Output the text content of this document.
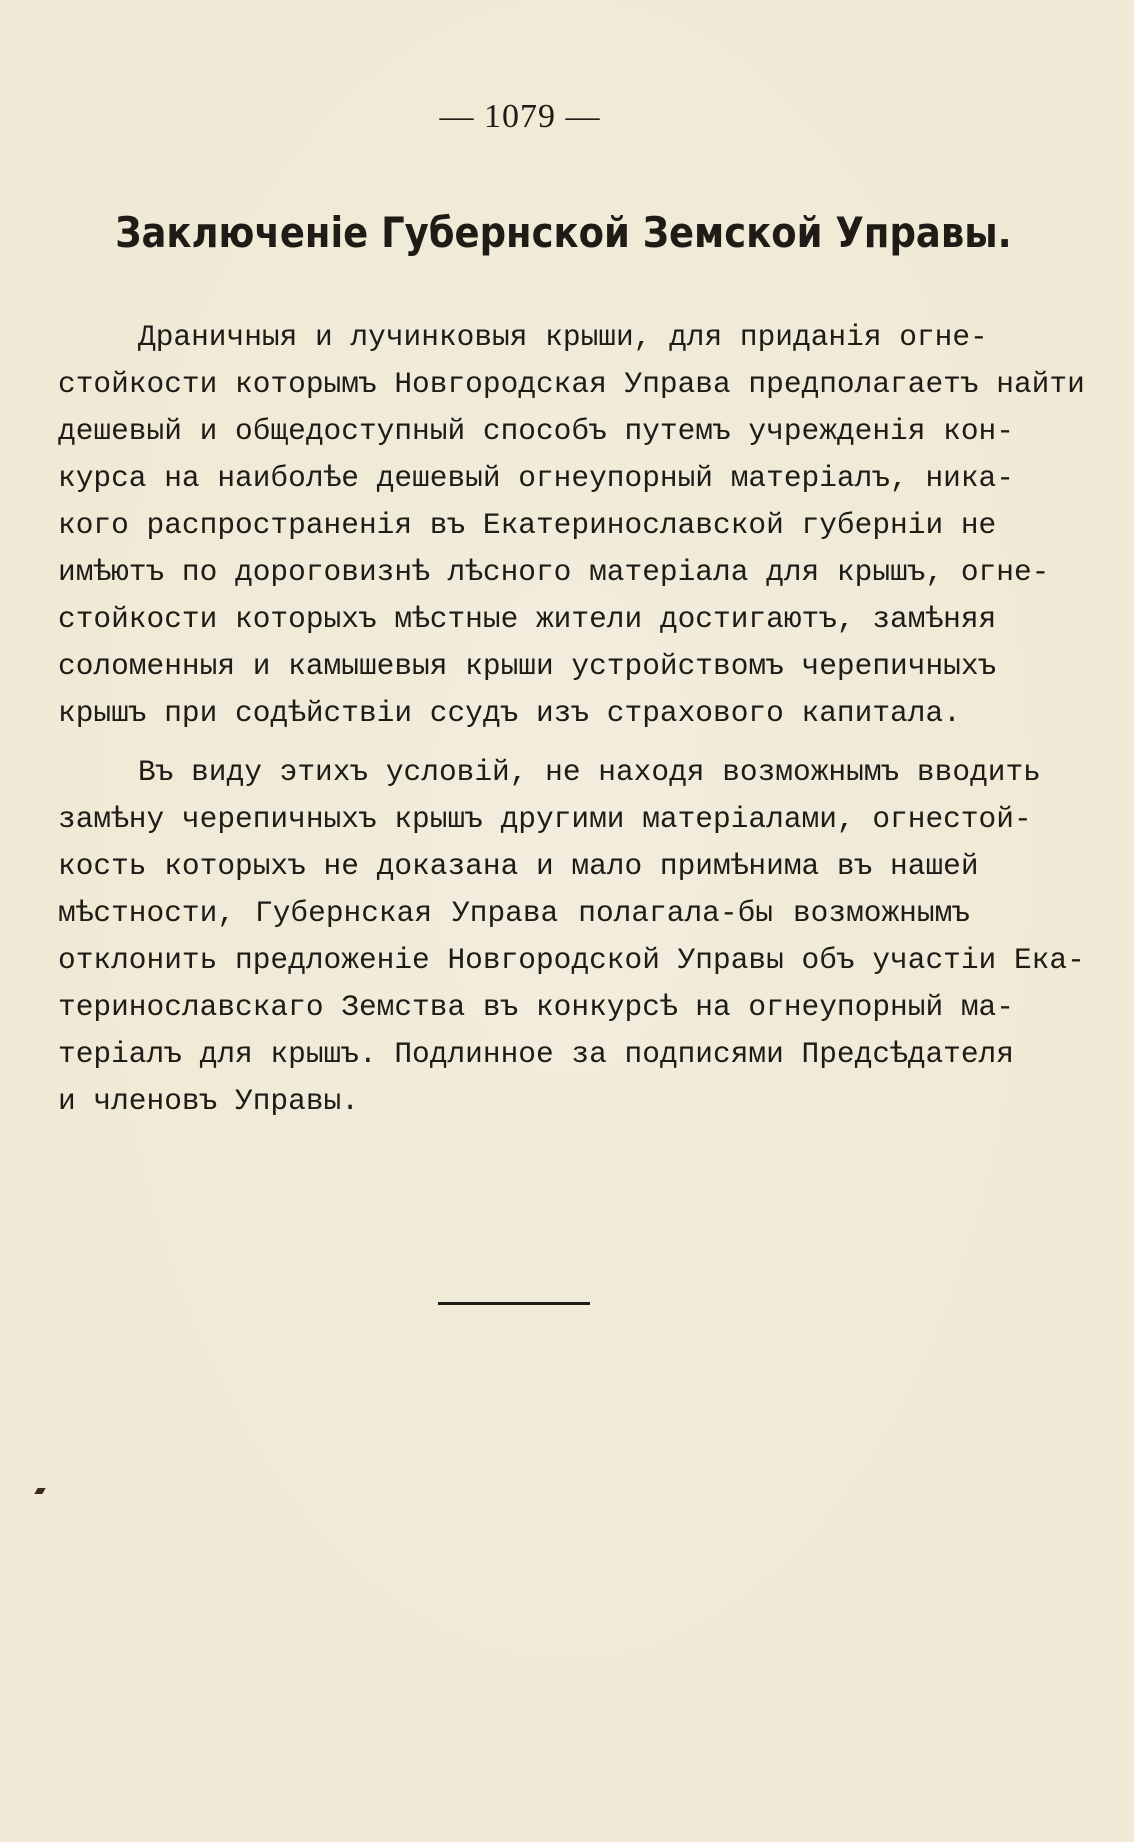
— 1079 —
Заключеніе Губернской Земской Управы.
Драничныя и лучинковыя крыши, для приданія огне-
стойкости которымъ Новгородская Управа предполагаетъ найти
дешевый и общедоступный способъ путемъ учрежденія кон-
курса на наиболѣе дешевый огнеупорный матеріалъ, ника-
кого распространенія въ Екатеринославской губерніи не
имѣютъ по дороговизнѣ лѣсного матеріала для крышъ, огне-
стойкости которыхъ мѣстные жители достигаютъ, замѣняя
соломенныя и камышевыя крыши устройствомъ черепичныхъ
крышъ при содѣйствіи ссудъ изъ страхового капитала.
Въ виду этихъ условій, не находя возможнымъ вводить
замѣну черепичныхъ крышъ другими матеріалами, огнестой-
кость которыхъ не доказана и мало примѣнима въ нашей
мѣстности, Губернская Управа полагала-бы возможнымъ
отклонить предложеніе Новгородской Управы объ участіи Ека-
теринославскаго Земства въ конкурсѣ на огнеупорный ма-
теріалъ для крышъ. Подлинное за подписями Предсѣдателя
и членовъ Управы.
